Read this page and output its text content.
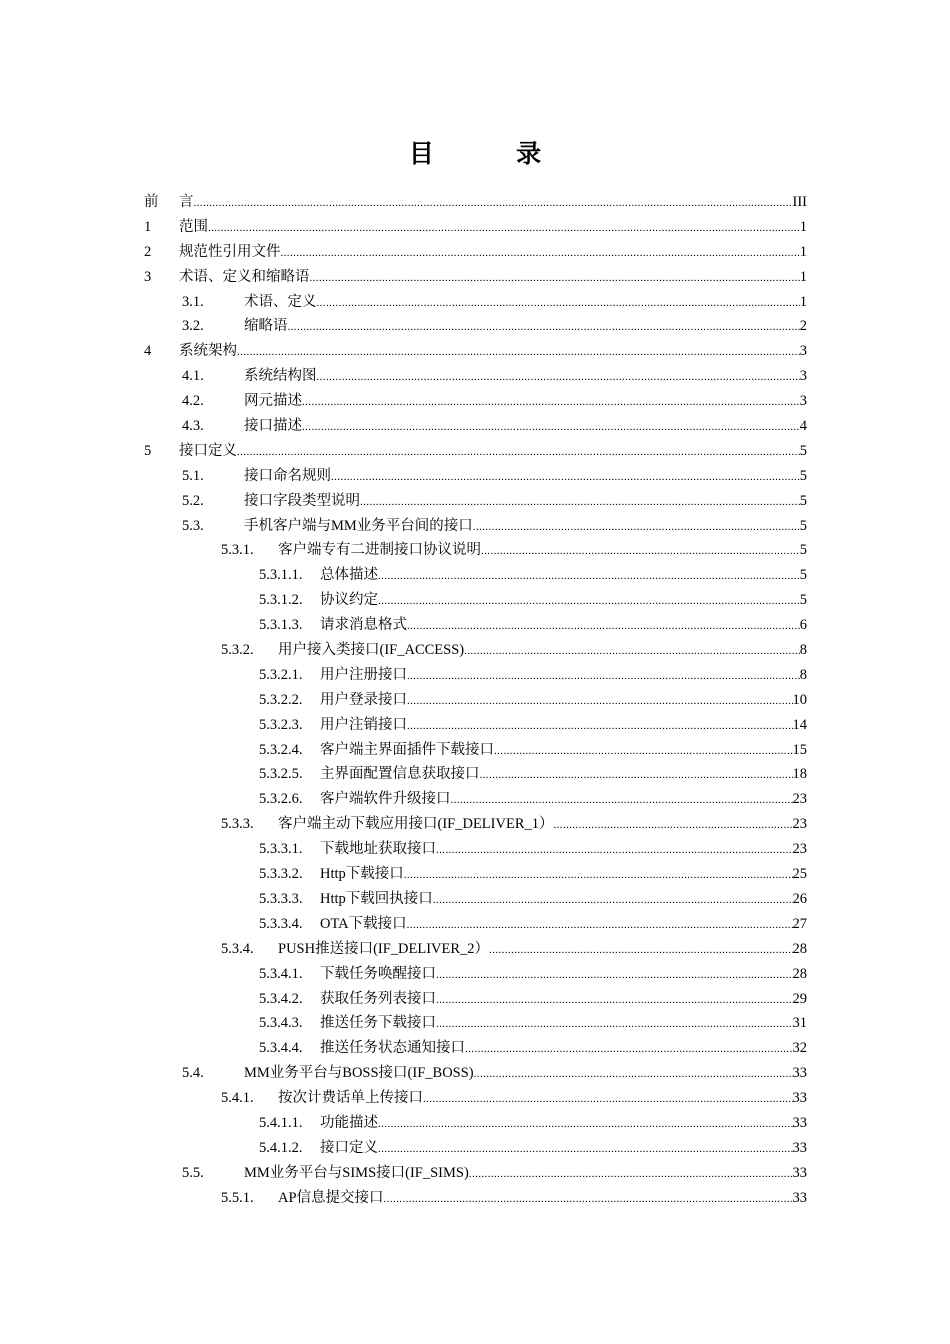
目 录
前	言 .....	III
1	范围 .....	1
2	规范性引用文件 .....	1
3	术语、定义和缩略语 .....	1
3.1.	术语、定义 .....	1
3.2.	缩略语 .....	2
4	系统架构 .....	3
4.1.	系统结构图 .....	3
4.2.	网元描述 .....	3
4.3.	接口描述 .....	4
5	接口定义 .....	5
5.1.	接口命名规则 .....	5
5.2.	接口字段类型说明 .....	5
5.3.	手机客户端与MM业务平台间的接口 .....	5
5.3.1.	客户端专有二进制接口协议说明 .....	5
5.3.1.1.	总体描述 .....	5
5.3.1.2.	协议约定 .....	5
5.3.1.3.	请求消息格式 .....	6
5.3.2.	用户接入类接口(IF_ACCESS) .....	8
5.3.2.1.	用户注册接口 .....	8
5.3.2.2.	用户登录接口 .....	10
5.3.2.3.	用户注销接口 .....	14
5.3.2.4.	客户端主界面插件下载接口 .....	15
5.3.2.5.	主界面配置信息获取接口 .....	18
5.3.2.6.	客户端软件升级接口 .....	23
5.3.3.	客户端主动下载应用接口(IF_DELIVER_1） .....	23
5.3.3.1.	下载地址获取接口 .....	23
5.3.3.2.	Http下载接口 .....	25
5.3.3.3.	Http下载回执接口 .....	26
5.3.3.4.	OTA下载接口 .....	27
5.3.4.	PUSH推送接口(IF_DELIVER_2） .....	28
5.3.4.1.	下载任务唤醒接口 .....	28
5.3.4.2.	获取任务列表接口 .....	29
5.3.4.3.	推送任务下载接口 .....	31
5.3.4.4.	推送任务状态通知接口 .....	32
5.4.	MM业务平台与BOSS接口(IF_BOSS) .....	33
5.4.1.	按次计费话单上传接口 .....	33
5.4.1.1.	功能描述 .....	33
5.4.1.2.	接口定义 .....	33
5.5.	MM业务平台与SIMS接口(IF_SIMS) .....	33
5.5.1.	AP信息提交接口 .....	33
